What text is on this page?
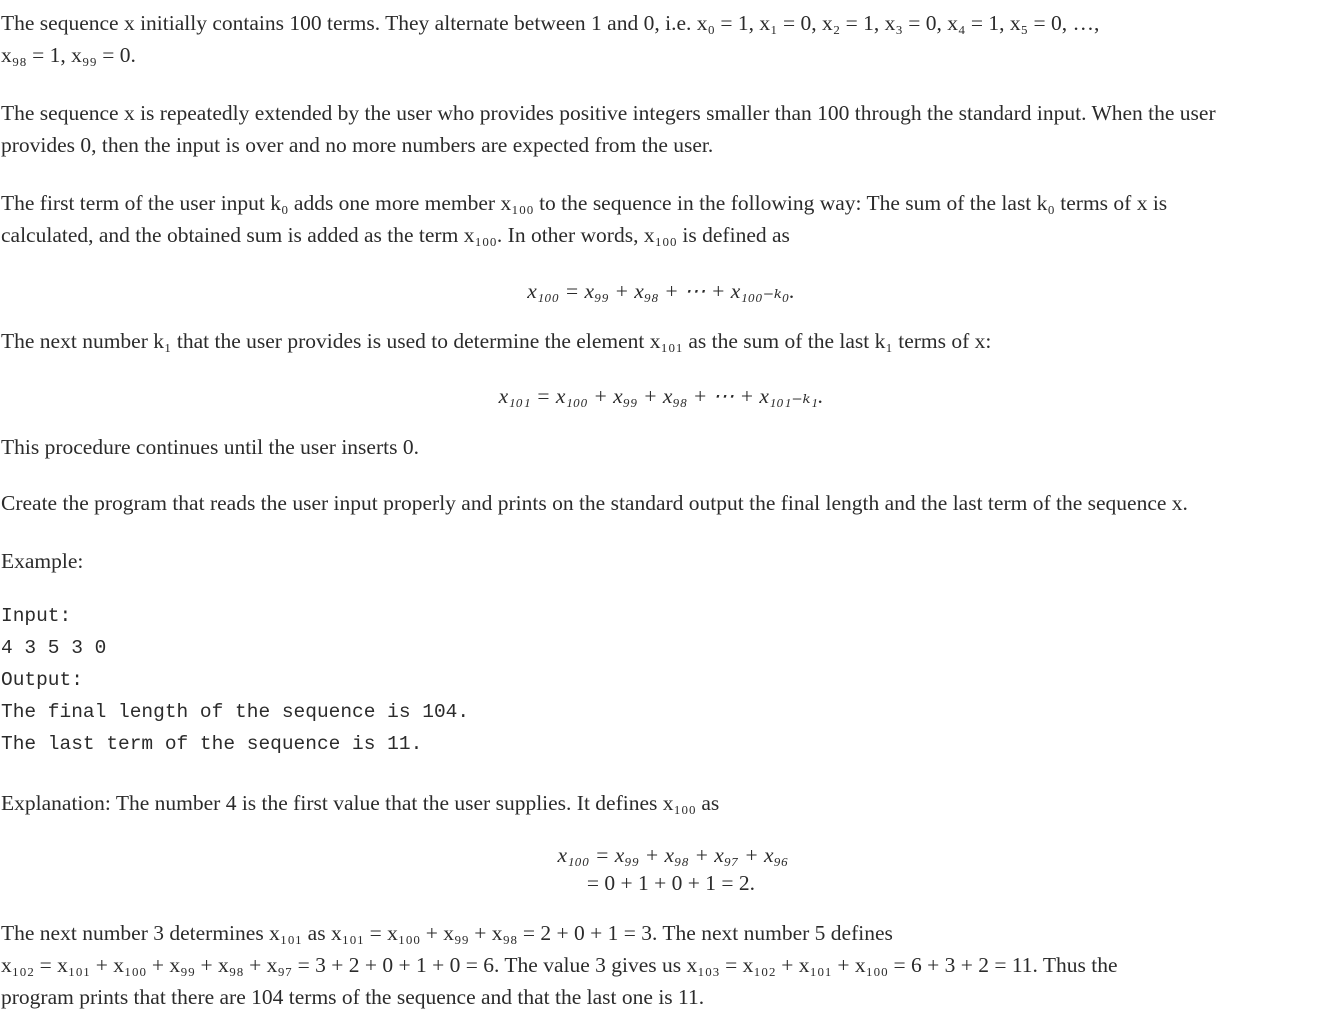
The sequence x initially contains 100 terms. They alternate between 1 and 0, i.e. x₀ = 1, x₁ = 0, x₂ = 1, x₃ = 0, x₄ = 1, x₅ = 0, …,
x₉₈ = 1, x₉₉ = 0.
The sequence x is repeatedly extended by the user who provides positive integers smaller than 100 through the standard input. When the user
provides 0, then the input is over and no more numbers are expected from the user.
The first term of the user input k₀ adds one more member x₁₀₀ to the sequence in the following way: The sum of the last k₀ terms of x is
calculated, and the obtained sum is added as the term x₁₀₀. In other words, x₁₀₀ is defined as
x₁₀₀ = x₉₉ + x₉₈ + ⋯ + x₁₀₀₋ₖ₀.
The next number k₁ that the user provides is used to determine the element x₁₀₁ as the sum of the last k₁ terms of x:
x₁₀₁ = x₁₀₀ + x₉₉ + x₉₈ + ⋯ + x₁₀₁₋ₖ₁.
This procedure continues until the user inserts 0.
Create the program that reads the user input properly and prints on the standard output the final length and the last term of the sequence x.
Example:
Input:
4 3 5 3 0
Output:
The final length of the sequence is 104.
The last term of the sequence is 11.
Explanation: The number 4 is the first value that the user supplies. It defines x₁₀₀ as
x₁₀₀ = x₉₉ + x₉₈ + x₉₇ + x₉₆
= 0 + 1 + 0 + 1 = 2.
The next number 3 determines x₁₀₁ as x₁₀₁ = x₁₀₀ + x₉₉ + x₉₈ = 2 + 0 + 1 = 3. The next number 5 defines
x₁₀₂ = x₁₀₁ + x₁₀₀ + x₉₉ + x₉₈ + x₉₇ = 3 + 2 + 0 + 1 + 0 = 6. The value 3 gives us x₁₀₃ = x₁₀₂ + x₁₀₁ + x₁₀₀ = 6 + 3 + 2 = 11. Thus the
program prints that there are 104 terms of the sequence and that the last one is 11.
